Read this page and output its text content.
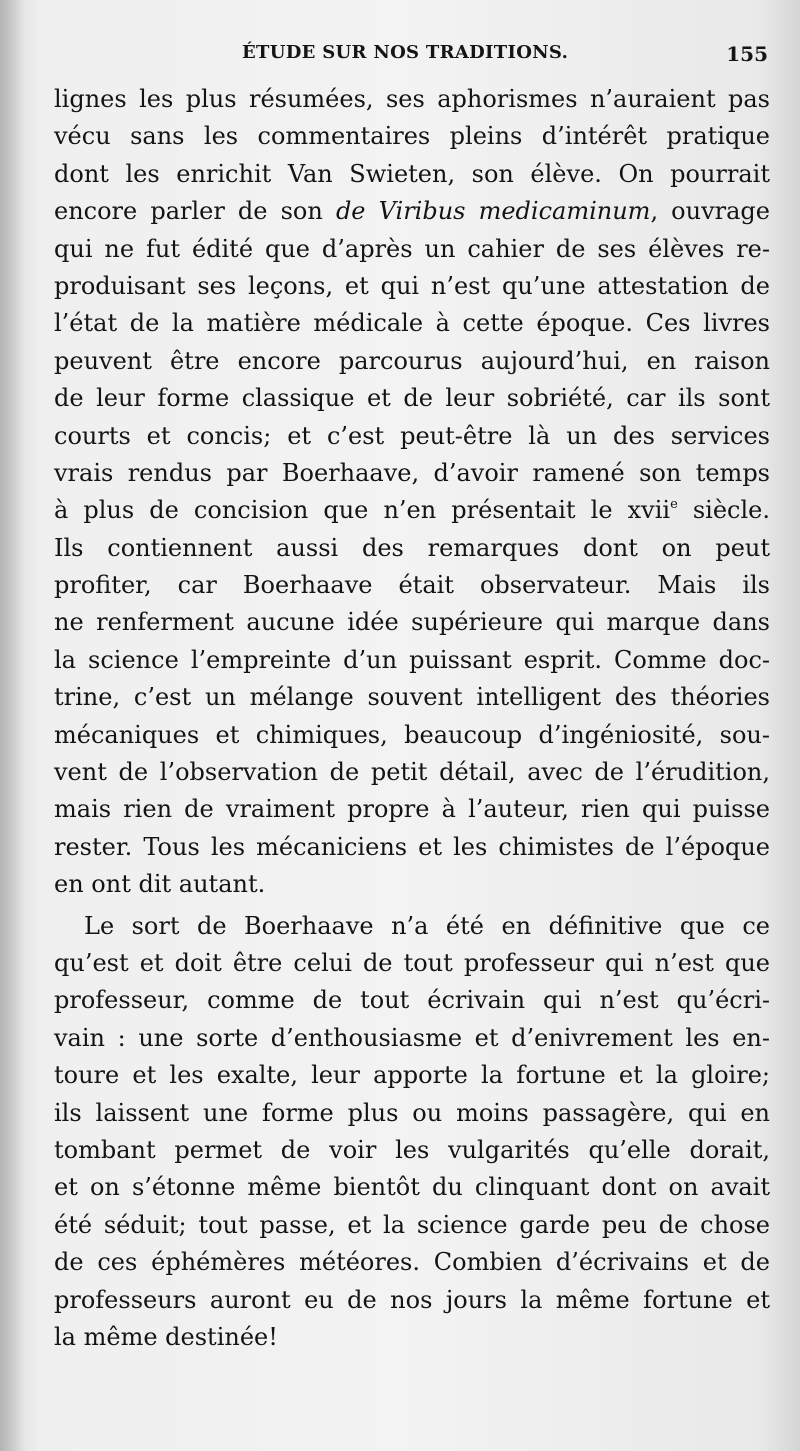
ÉTUDE SUR NOS TRADITIONS.	155
lignes les plus résumées, ses aphorismes n’auraient pas
vécu sans les commentaires pleins d’intérêt pratique
dont les enrichit Van Swieten, son élève. On pourrait
encore parler de son de Viribus medicaminum, ouvrage
qui ne fut édité que d’après un cahier de ses élèves re-
produisant ses leçons, et qui n’est qu’une attestation de
l’état de la matière médicale à cette époque. Ces livres
peuvent être encore parcourus aujourd’hui, en raison
de leur forme classique et de leur sobriété, car ils sont
courts et concis; et c’est peut-être là un des services
vrais rendus par Boerhaave, d’avoir ramené son temps
à plus de concision que n’en présentait le xvii$^e$ siècle.
Ils contiennent aussi des remarques dont on peut
profiter, car Boerhaave était observateur. Mais ils
ne renferment aucune idée supérieure qui marque dans
la science l’empreinte d’un puissant esprit. Comme doc-
trine, c’est un mélange souvent intelligent des théories
mécaniques et chimiques, beaucoup d’ingéniosité, sou-
vent de l’observation de petit détail, avec de l’érudition,
mais rien de vraiment propre à l’auteur, rien qui puisse
rester. Tous les mécaniciens et les chimistes de l’époque
en ont dit autant.
Le sort de Boerhaave n’a été en définitive que ce
qu’est et doit être celui de tout professeur qui n’est que
professeur, comme de tout écrivain qui n’est qu’écri-
vain : une sorte d’enthousiasme et d’enivrement les en-
toure et les exalte, leur apporte la fortune et la gloire;
ils laissent une forme plus ou moins passagère, qui en
tombant permet de voir les vulgarités qu’elle dorait,
et on s’étonne même bientôt du clinquant dont on avait
été séduit; tout passe, et la science garde peu de chose
de ces éphémères météores. Combien d’écrivains et de
professeurs auront eu de nos jours la même fortune et
la même destinée!
